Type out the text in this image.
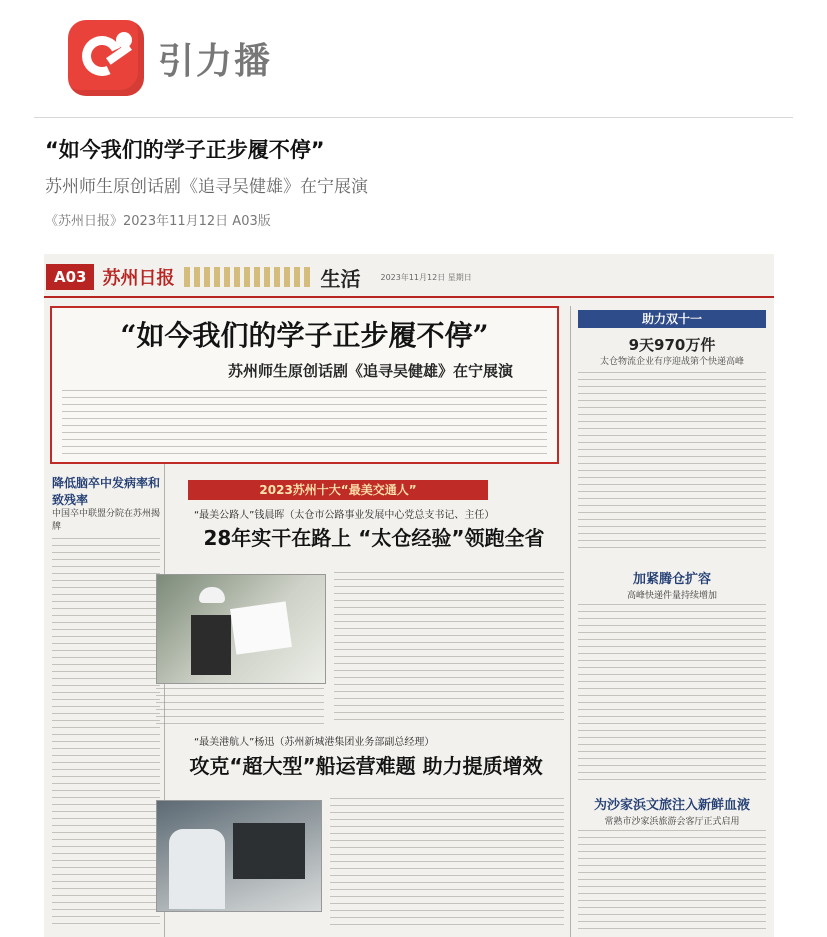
引力播
“如今我们的学子正步履不停”
苏州师生原创话剧《追寻吴健雄》在宁展演
《苏州日报》2023年11月12日 A03版
A03 苏州日报	生活	2023年11月12日 星期日
“如今我们的学子正步履不停”
苏州师生原创话剧《追寻吴健雄》在宁展演
助力双十一
9天970万件
太仓物流企业有序迎战第个快递高峰
降低脑卒中发病率和致残率
中国卒中联盟分院在苏州揭牌
2023苏州十大“最美交通人”
“最美公路人”钱晨晖（太仓市公路事业发展中心党总支书记、主任）
28年实干在路上 “太仓经验”领跑全省
“最美港航人”杨迅（苏州新城港集团业务部副总经理）
攻克“超大型”船运营难题 助力提质增效
加紧腾仓扩容
高峰快递件量持续增加
为沙家浜文旅注入新鲜血液
常熟市沙家浜旅游会客厅正式启用
